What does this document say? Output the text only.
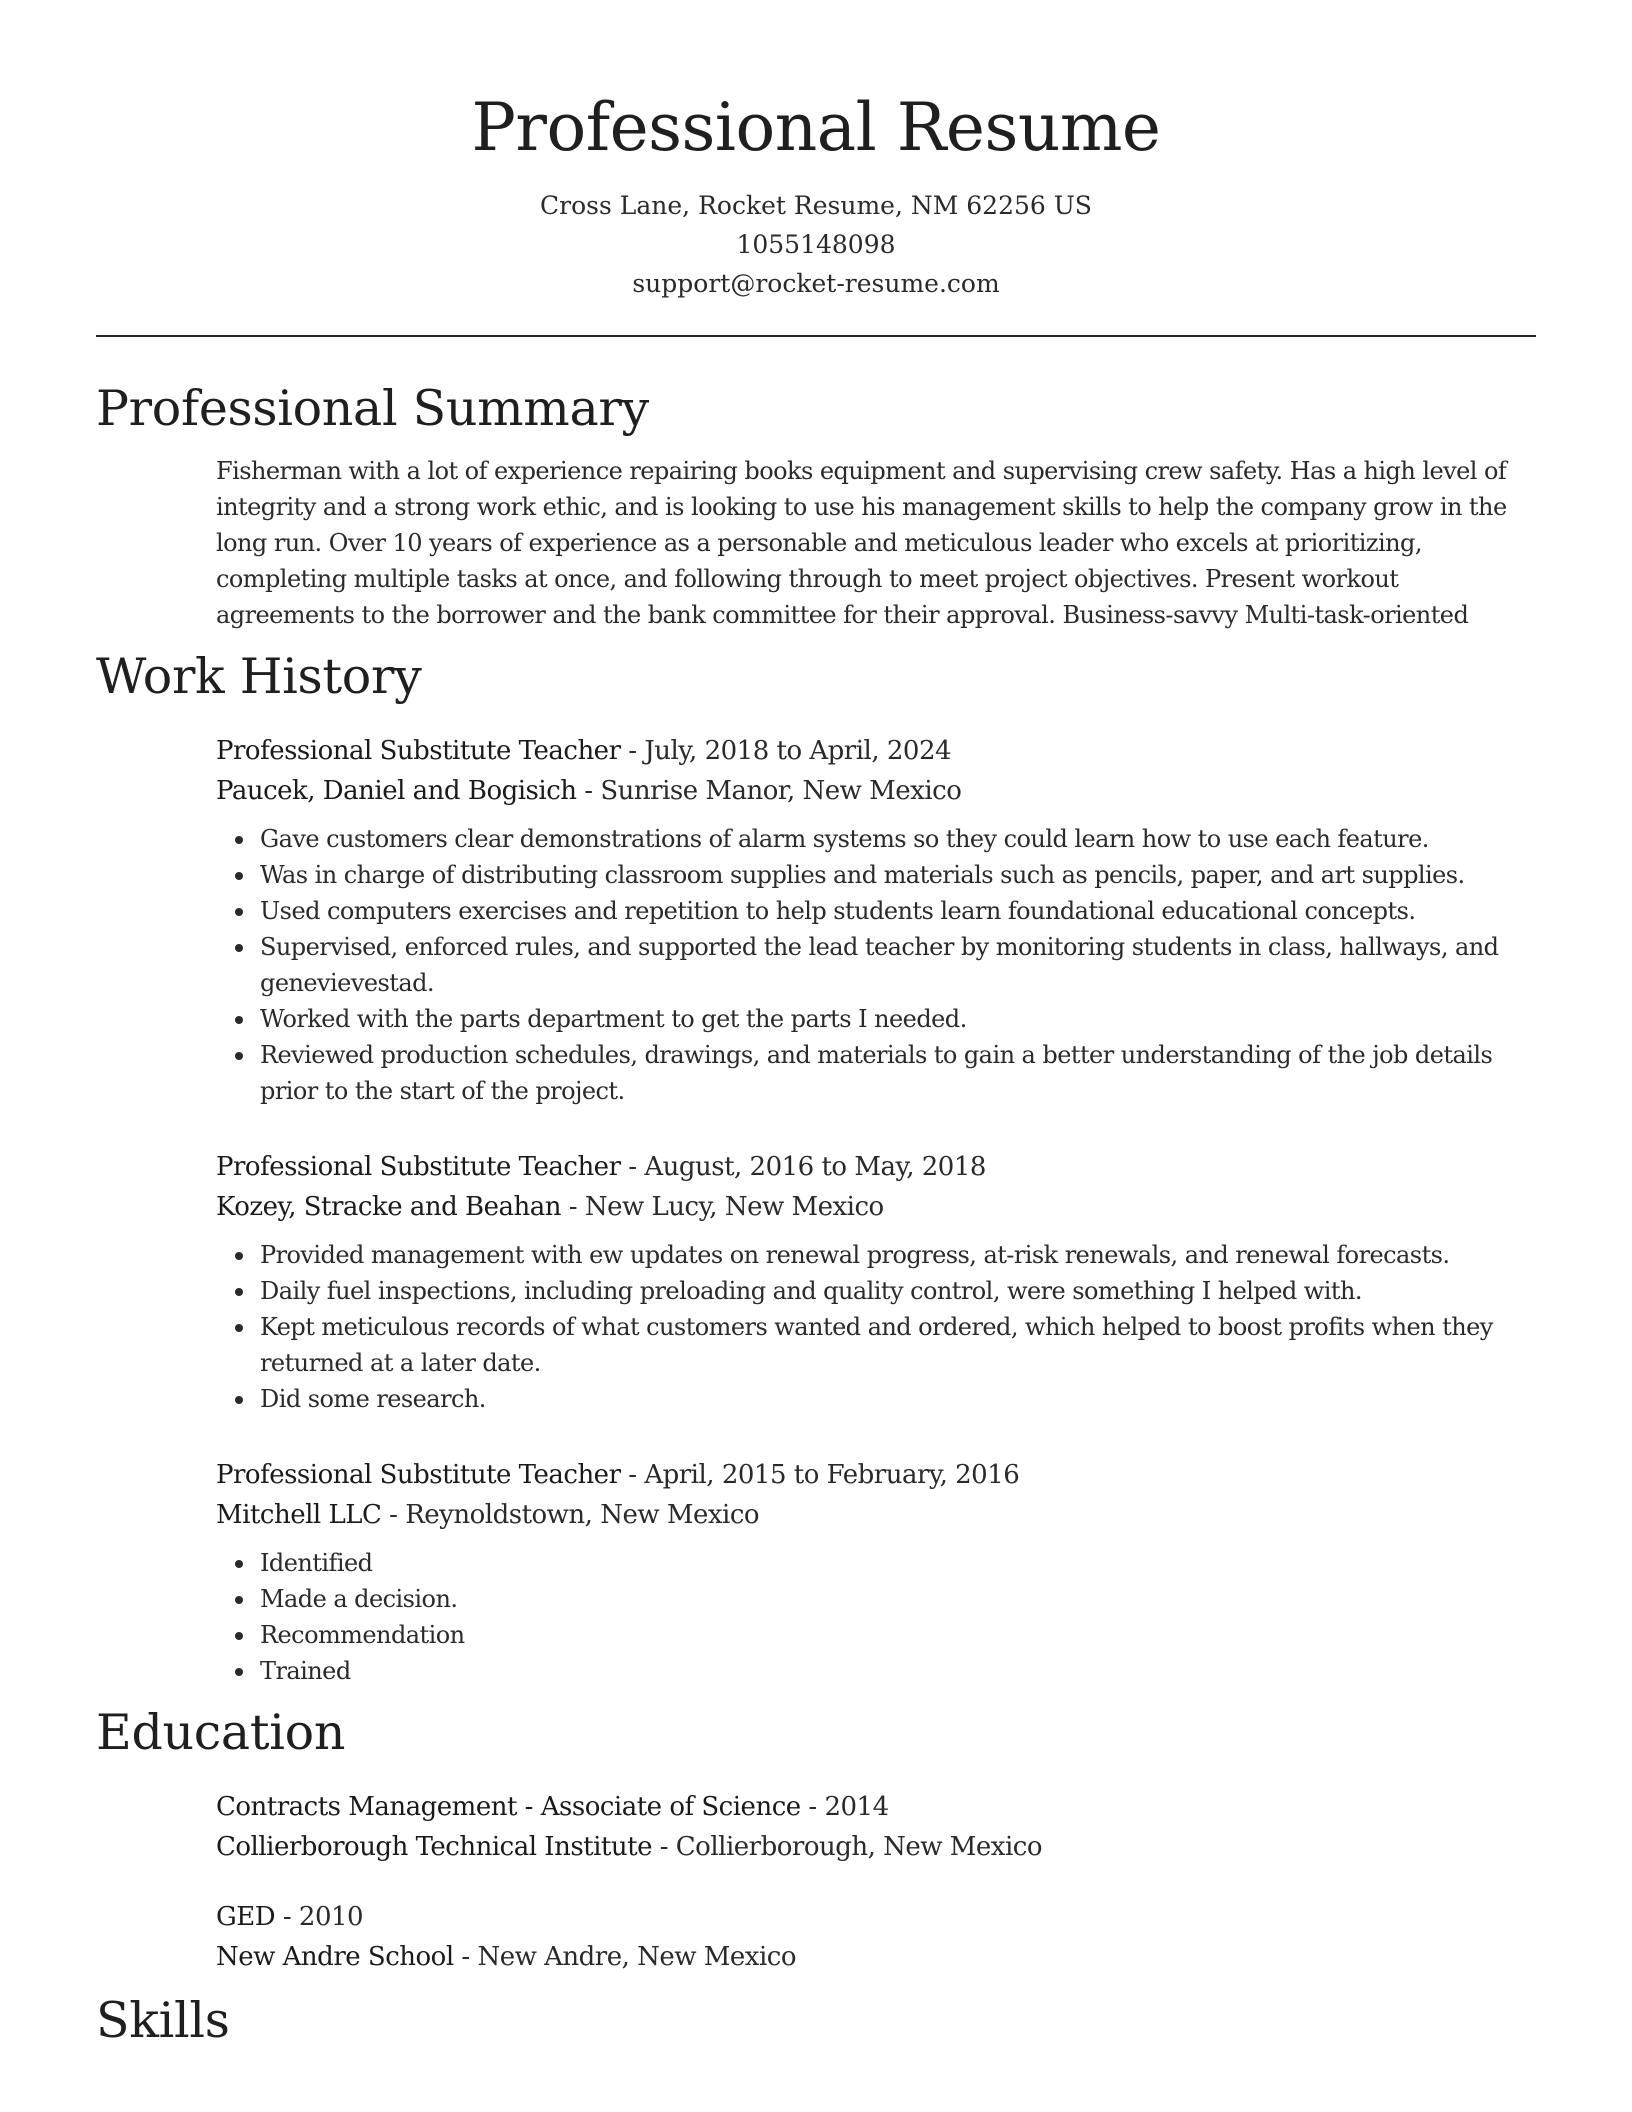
Professional Resume
Cross Lane, Rocket Resume, NM 62256 US
1055148098
support@rocket-resume.com
Professional Summary
Fisherman with a lot of experience repairing books equipment and supervising crew safety. Has a high level of integrity and a strong work ethic, and is looking to use his management skills to help the company grow in the long run. Over 10 years of experience as a personable and meticulous leader who excels at prioritizing, completing multiple tasks at once, and following through to meet project objectives. Present workout agreements to the borrower and the bank committee for their approval. Business-savvy Multi-task-oriented
Work History
Professional Substitute Teacher - July, 2018 to April, 2024
Paucek, Daniel and Bogisich - Sunrise Manor, New Mexico
Gave customers clear demonstrations of alarm systems so they could learn how to use each feature.
Was in charge of distributing classroom supplies and materials such as pencils, paper, and art supplies.
Used computers exercises and repetition to help students learn foundational educational concepts.
Supervised, enforced rules, and supported the lead teacher by monitoring students in class, hallways, and genevievestad.
Worked with the parts department to get the parts I needed.
Reviewed production schedules, drawings, and materials to gain a better understanding of the job details prior to the start of the project.
Professional Substitute Teacher - August, 2016 to May, 2018
Kozey, Stracke and Beahan - New Lucy, New Mexico
Provided management with ew updates on renewal progress, at-risk renewals, and renewal forecasts.
Daily fuel inspections, including preloading and quality control, were something I helped with.
Kept meticulous records of what customers wanted and ordered, which helped to boost profits when they returned at a later date.
Did some research.
Professional Substitute Teacher - April, 2015 to February, 2016
Mitchell LLC - Reynoldstown, New Mexico
Identified
Made a decision.
Recommendation
Trained
Education
Contracts Management - Associate of Science - 2014
Collierborough Technical Institute - Collierborough, New Mexico
GED - 2010
New Andre School - New Andre, New Mexico
Skills
